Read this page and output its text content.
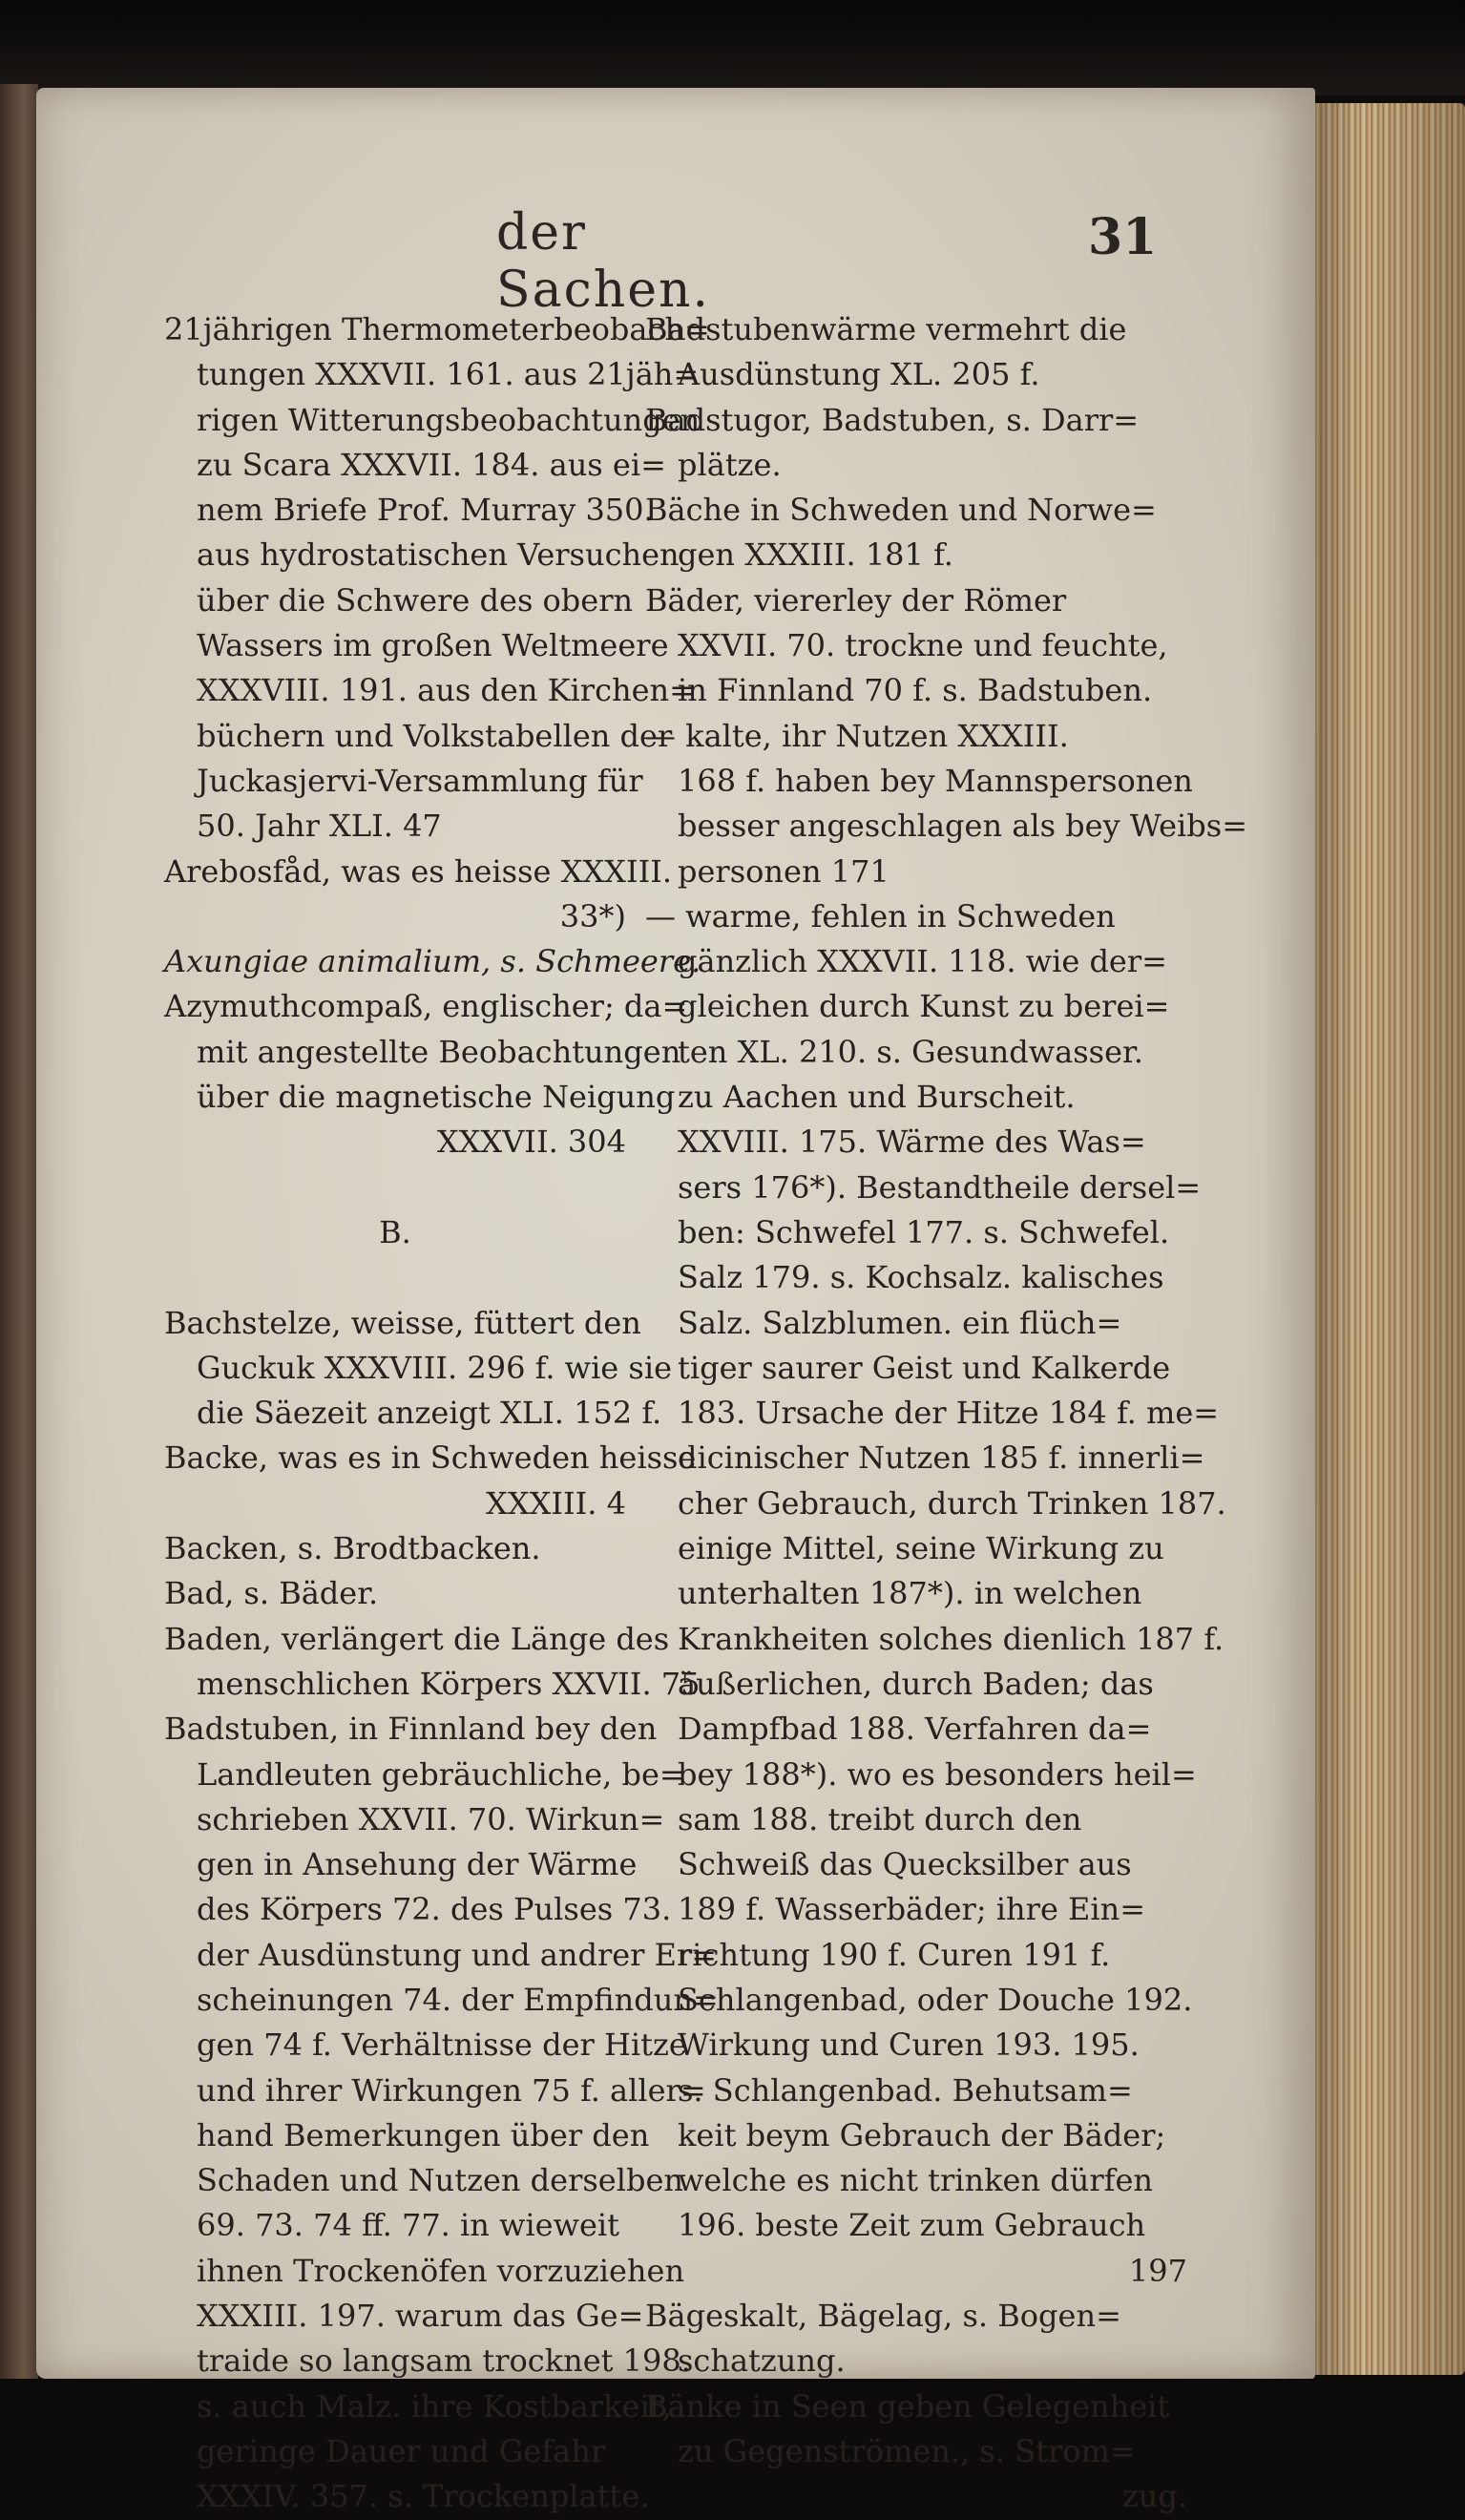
der Sachen.
31
21jährigen Thermometerbeobach=
tungen XXXVII. 161. aus 21jäh=
rigen Witterungsbeobachtungen
zu Scara XXXVII. 184. aus ei=
nem Briefe Prof. Murray 350.
aus hydrostatischen Versuchen
über die Schwere des obern
Wassers im großen Weltmeere
XXXVIII. 191. aus den Kirchen=
büchern und Volkstabellen der
Juckasjervi-Versammlung für
50. Jahr XLI. 47
Arebosfåd, was es heisse XXXIII.
33*)
Axungiae animalium, s. Schmeere.
Azymuthcompaß, englischer; da=
mit angestellte Beobachtungen
über die magnetische Neigung
XXXVII. 304

B.

Bachstelze, weisse, füttert den
Guckuk XXXVIII. 296 f. wie sie
die Säezeit anzeigt XLI. 152 f.
Backe, was es in Schweden heisse
XXXIII. 4
Backen, s. Brodtbacken.
Bad, s. Bäder.
Baden, verlängert die Länge des
menschlichen Körpers XXVII. 75
Badstuben, in Finnland bey den
Landleuten gebräuchliche, be=
schrieben XXVII. 70. Wirkun=
gen in Ansehung der Wärme
des Körpers 72. des Pulses 73.
der Ausdünstung und andrer Er=
scheinungen 74. der Empfindun=
gen 74 f. Verhältnisse der Hitze
und ihrer Wirkungen 75 f. aller=
hand Bemerkungen über den
Schaden und Nutzen derselben
69. 73. 74 ff. 77. in wieweit
ihnen Trockenöfen vorzuziehen
XXXIII. 197. warum das Ge=
traide so langsam trocknet 198.
s. auch Malz. ihre Kostbarkeit,
geringe Dauer und Gefahr
XXXIV. 357. s. Trockenplatte.
Badstubenwärme vermehrt die
Ausdünstung XL. 205 f.
Badstugor, Badstuben, s. Darr=
plätze.
Bäche in Schweden und Norwe=
gen XXXIII. 181 f.
Bäder, viererley der Römer
XXVII. 70. trockne und feuchte,
in Finnland 70 f. s. Badstuben.
— kalte, ihr Nutzen XXXIII.
168 f. haben bey Mannspersonen
besser angeschlagen als bey Weibs=
personen 171
— warme, fehlen in Schweden
gänzlich XXXVII. 118. wie der=
gleichen durch Kunst zu berei=
ten XL. 210. s. Gesundwasser.
zu Aachen und Burscheit.
XXVIII. 175. Wärme des Was=
sers 176*). Bestandtheile dersel=
ben: Schwefel 177. s. Schwefel.
Salz 179. s. Kochsalz. kalisches
Salz. Salzblumen. ein flüch=
tiger saurer Geist und Kalkerde
183. Ursache der Hitze 184 f. me=
dicinischer Nutzen 185 f. innerli=
cher Gebrauch, durch Trinken 187.
einige Mittel, seine Wirkung zu
unterhalten 187*). in welchen
Krankheiten solches dienlich 187 f.
äußerlichen, durch Baden; das
Dampfbad 188. Verfahren da=
bey 188*). wo es besonders heil=
sam 188. treibt durch den
Schweiß das Quecksilber aus
189 f. Wasserbäder; ihre Ein=
richtung 190 f. Curen 191 f.
Schlangenbad, oder Douche 192.
Wirkung und Curen 193. 195.
s. Schlangenbad. Behutsam=
keit beym Gebrauch der Bäder;
welche es nicht trinken dürfen
196. beste Zeit zum Gebrauch
197
Bägeskalt, Bägelag, s. Bogen=
schatzung.
Bänke in Seen geben Gelegenheit
zu Gegenströmen., s. Strom=
zug.
